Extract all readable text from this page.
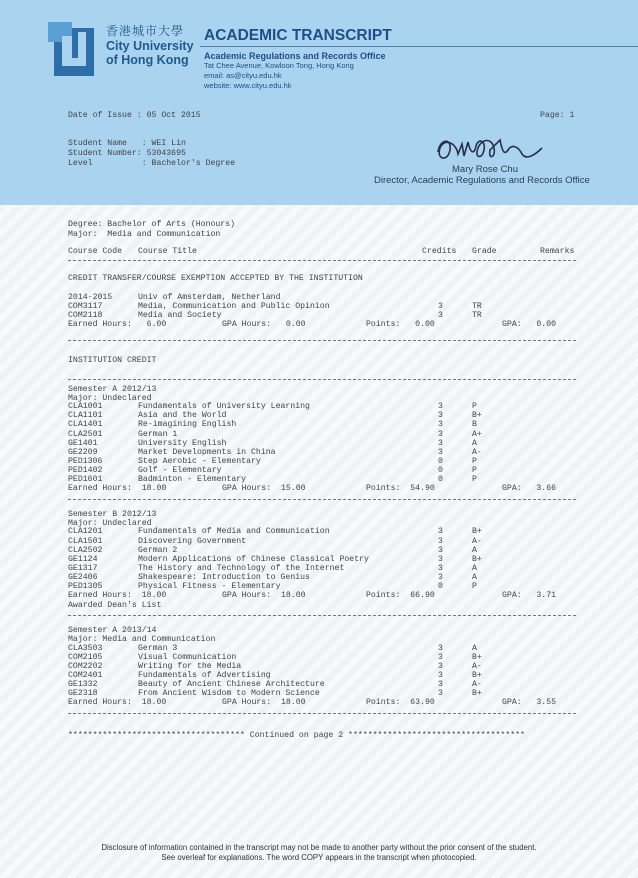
香港城市大學
City University
of Hong Kong
ACADEMIC TRANSCRIPT
Academic Regulations and Records Office
Tat Chee Avenue, Kowloon Tong, Hong Kong
email: as@cityu.edu.hk
website: www.cityu.edu.hk
Date of Issue : 05 Oct 2015	Page: 1
Student Name   : WEI Lin
Student Number: 53043695
Level          : Bachelor's Degree
Mary Rose Chu
Director, Academic Regulations and Records Office
Degree: Bachelor of Arts (Honours)
Major:  Media and Communication
Course Code Course Title	Credits Grade	Remarks
CREDIT TRANSFER/COURSE EXEMPTION ACCEPTED BY THE INSTITUTION
2014-2015	Univ of Amsterdam, Netherland
COM3117	Media, Communication and Public Opinion	3	TR
COM2118	Media and Society	3	TR
Earned Hours:   6.00	GPA Hours:   0.00	Points:   0.00	GPA:   0.00
INSTITUTION CREDIT
Semester A 2012/13
Major: Undeclared
CLA1001	Fundamentals of University Learning	3	P
CLA1101	Asia and the World	3	B+
CLA1401	Re-imagining English	3	B
CLA2501	German 1	3	A+
GE1401	University English	3	A
GE2209	Market Developments in China	3	A-
PED1306	Step Aerobic - Elementary	0	P
PED1402	Golf - Elementary	0	P
PED1601	Badminton - Elementary	0	P
Earned Hours:  18.00	GPA Hours:  15.00	Points:  54.90	GPA:   3.66
Semester B 2012/13
Major: Undeclared
CLA1201	Fundamentals of Media and Communication	3	B+
CLA1501	Discovering Government	3	A-
CLA2502	German 2	3	A
GE1124	Modern Applications of Chinese Classical Poetry	3	B+
GE1317	The History and Technology of the Internet	3	A
GE2406	Shakespeare: Introduction to Genius	3	A
PED1305	Physical Fitness - Elementary	0	P
Earned Hours:  18.00	GPA Hours:  18.00	Points:  66.90	GPA:   3.71
Awarded Dean's List
Semester A 2013/14
Major: Media and Communication
CLA3503	German 3	3	A
COM2105	Visual Communication	3	B+
COM2202	Writing for the Media	3	A-
COM2401	Fundamentals of Advertising	3	B+
GE1332	Beauty of Ancient Chinese Architecture	3	A-
GE2318	From Ancient Wisdom to Modern Science	3	B+
Earned Hours:  18.00	GPA Hours:  18.00	Points:  63.90	GPA:   3.55
************************************ Continued on page 2 ************************************
Disclosure of information contained in the transcript may not be made to another party without the prior consent of the student.
See overleaf for explanations. The word COPY appears in the transcript when photocopied.
